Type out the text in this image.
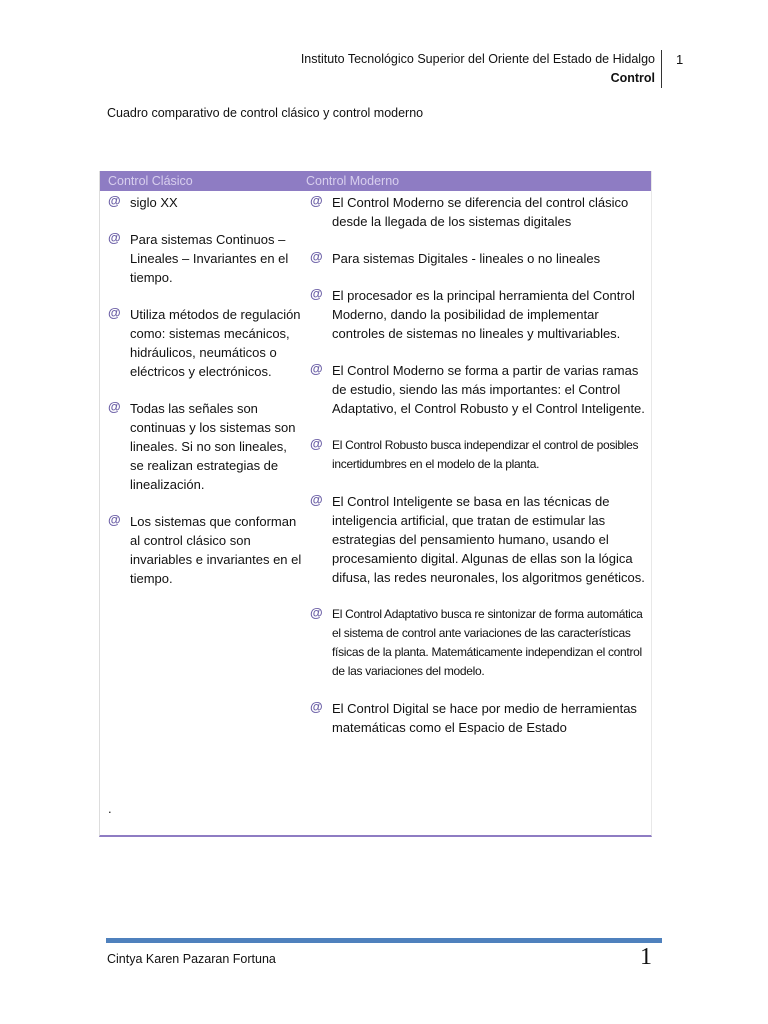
Instituto Tecnológico Superior del Oriente del Estado de Hidalgo
Control
1
Cuadro comparativo de control clásico y control moderno
Control Clásico	Control Moderno
@ siglo XX
@ Para sistemas Continuos – Lineales – Invariantes en el tiempo.
@ Utiliza métodos de regulación como: sistemas mecánicos, hidráulicos, neumáticos o eléctricos y electrónicos.
@ Todas las señales son continuas y los sistemas son lineales. Si no son lineales, se realizan estrategias de linealización.
@ Los sistemas que conforman al control clásico son invariables e invariantes en el tiempo.
.
@ El Control Moderno se diferencia del control clásico desde la llegada de los sistemas digitales
@ Para sistemas Digitales - lineales o no lineales
@ El procesador es la principal herramienta del Control Moderno, dando la posibilidad de implementar controles de sistemas no lineales y multivariables.
@ El Control Moderno se forma a partir de varias ramas de estudio, siendo las más importantes: el Control Adaptativo, el Control Robusto y el Control Inteligente.
@ El Control Robusto busca independizar el control de posibles incertidumbres en el modelo de la planta.
@ El Control Inteligente se basa en las técnicas de inteligencia artificial, que tratan de estimular las estrategias del pensamiento humano, usando el procesamiento digital. Algunas de ellas son la lógica difusa, las redes neuronales, los algoritmos genéticos.
@ El Control Adaptativo busca re sintonizar de forma automática el sistema de control ante variaciones de las características físicas de la planta. Matemáticamente independizan el control de las variaciones del modelo.
@ El Control Digital se hace por medio de herramientas matemáticas como el Espacio de Estado
Cintya Karen Pazaran Fortuna	1
